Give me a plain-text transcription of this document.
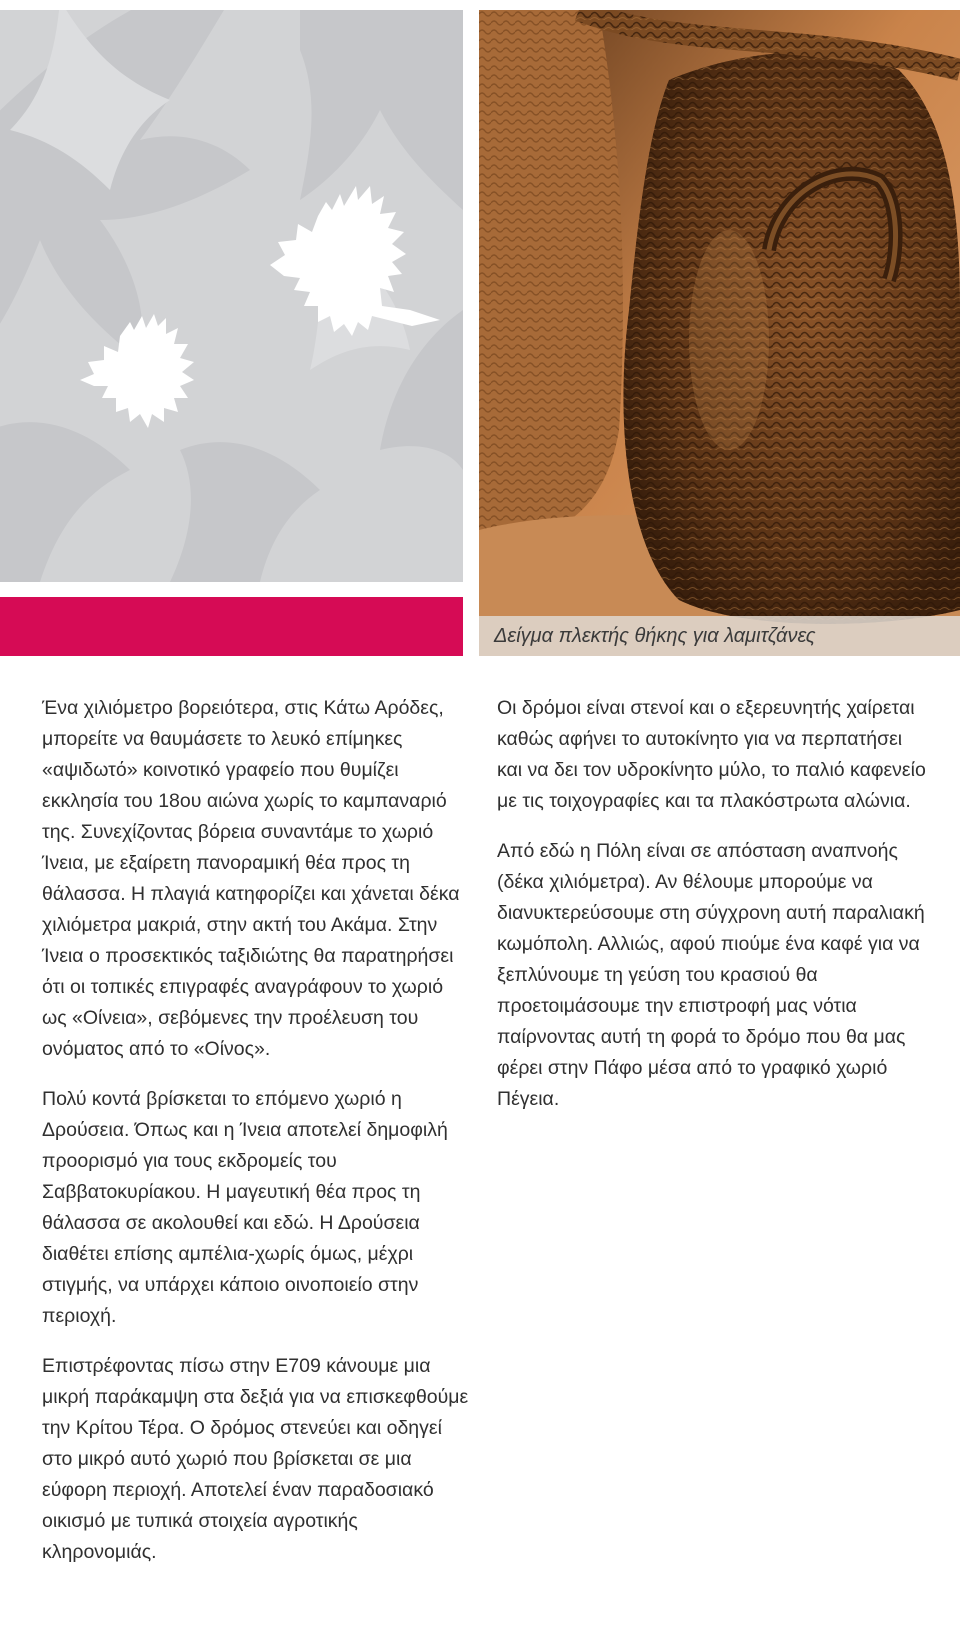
Δείγμα πλεκτής θήκης για λαμιτζάνες

Ένα χιλιόμετρο βορειότερα, στις Κάτω Αρόδες, μπορείτε να θαυμάσετε το λευκό επίμηκες «αψιδωτό» κοινοτικό γραφείο που θυμίζει εκκλησία του 18ου αιώνα χωρίς το καμπαναριό της. Συνεχίζοντας βόρεια συναντάμε το χωριό Ίνεια, με εξαίρετη πανοραμική θέα προς τη θάλασσα. Η πλαγιά κατηφορίζει και χάνεται δέκα χιλιόμετρα μακριά, στην ακτή του Ακάμα. Στην Ίνεια ο προσεκτικός ταξιδιώτης θα παρατηρήσει ότι οι τοπικές επιγραφές αναγράφουν το χωριό ως «Οίνεια», σεβόμενες την προέλευση του ονόματος από το «Οίνος».

Πολύ κοντά βρίσκεται το επόμενο χωριό η Δρούσεια. Όπως και η Ίνεια αποτελεί δημοφιλή προορισμό για τους εκδρομείς του Σαββατοκυρίακου. Η μαγευτική θέα προς τη θάλασσα σε ακολουθεί και εδώ. Η Δρούσεια διαθέτει επίσης αμπέλια-χωρίς όμως, μέχρι στιγμής, να υπάρχει κάποιο οινοποιείο στην περιοχή.

Επιστρέφοντας πίσω στην Ε709 κάνουμε μια μικρή παράκαμψη στα δεξιά για να επισκεφθούμε την Κρίτου Τέρα. Ο δρόμος στενεύει και οδηγεί στο μικρό αυτό χωριό που βρίσκεται σε μια εύφορη περιοχή. Αποτελεί έναν παραδοσιακό οικισμό με τυπικά στοιχεία αγροτικής κληρονομιάς.

Οι δρόμοι είναι στενοί και ο εξερευνητής χαίρεται καθώς αφήνει το αυτοκίνητο για να περπατήσει και να δει τον υδροκίνητο μύλο, το παλιό καφενείο με τις τοιχογραφίες και τα πλακόστρωτα αλώνια.

Από εδώ η Πόλη είναι σε απόσταση αναπνοής (δέκα χιλιόμετρα). Αν θέλουμε μπορούμε να διανυκτερεύσουμε στη σύγχρονη αυτή παραλιακή κωμόπολη. Αλλιώς, αφού πιούμε ένα καφέ για να ξεπλύνουμε τη γεύση του κρασιού θα προετοιμάσουμε την επιστροφή μας νότια παίρνοντας αυτή τη φορά το δρόμο που θα μας φέρει στην Πάφο μέσα από το γραφικό χωριό Πέγεια.
